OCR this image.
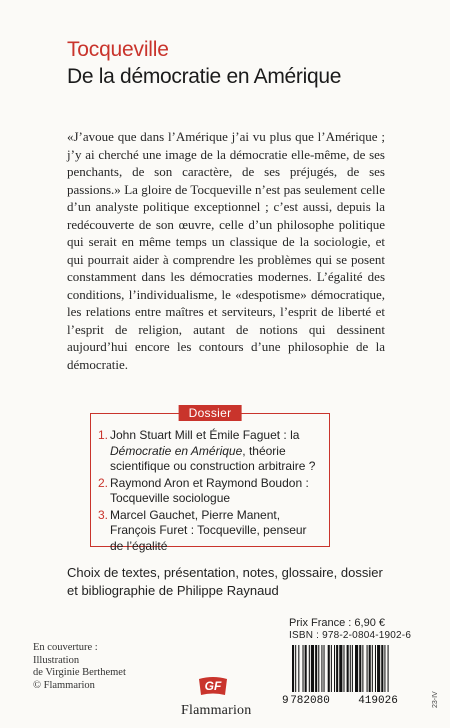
Tocqueville
De la démocratie en Amérique

«J’avoue que dans l’Amérique j’ai vu plus que l’Amérique ; j’y ai cherché une image de la démocratie elle-même, de ses penchants, de son caractère, de ses préjugés, de ses passions.» La gloire de Tocqueville n’est pas seulement celle d’un analyste politique exceptionnel ; c’est aussi, depuis la redécouverte de son œuvre, celle d’un philosophe politique qui serait en même temps un classique de la sociologie, et qui pourrait aider à comprendre les problèmes qui se posent constamment dans les démocraties modernes. L’égalité des conditions, l’individualisme, le «despotisme» démocratique, les relations entre maîtres et serviteurs, l’esprit de liberté et l’esprit de religion, autant de notions qui dessinent aujourd’hui encore les contours d’une philosophie de la démocratie.

Dossier
1. John Stuart Mill et Émile Faguet : la Démocratie en Amérique, théorie scientifique ou construction arbitraire ?
2. Raymond Aron et Raymond Boudon : Tocqueville sociologue
3. Marcel Gauchet, Pierre Manent, François Furet : Tocqueville, penseur de l’égalité
Choix de textes, présentation, notes, glossaire, dossier et bibliographie de Philippe Raynaud
Prix France : 6,90 €
ISBN : 978-2-0804-1902-6
9 782080	419026
En couverture :
Illustration
de Virginie Berthemet
© Flammarion	GF
Flammarion
23-IV
